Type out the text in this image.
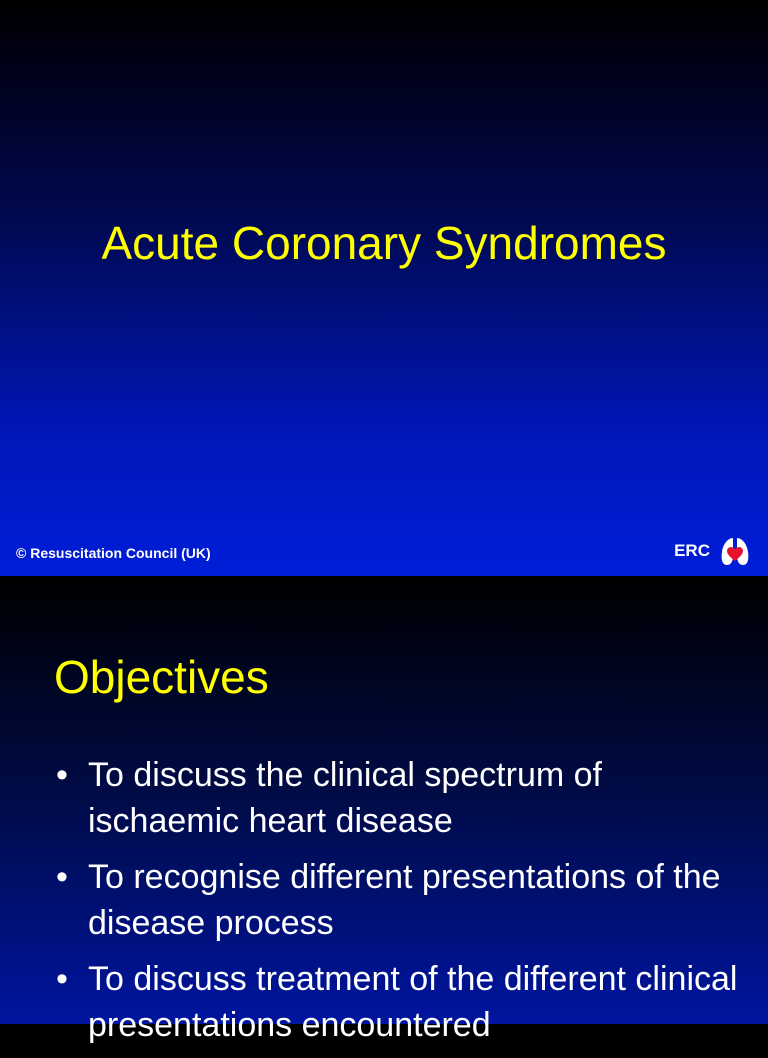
Acute Coronary Syndromes
© Resuscitation Council (UK)	ERC
Objectives
• To discuss the clinical spectrum of ischaemic heart disease
• To recognise different presentations of the disease process
• To discuss treatment of the different clinical presentations encountered
